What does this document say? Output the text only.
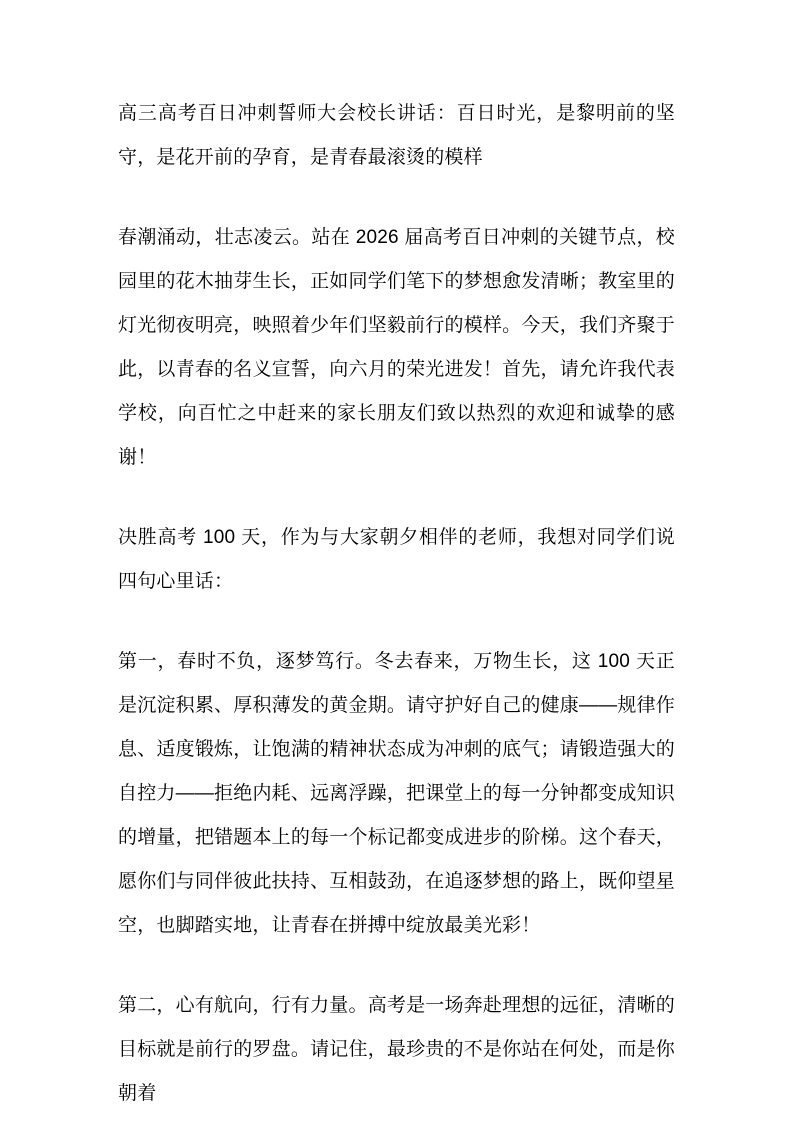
高三高考百日冲刺誓师大会校长讲话：百日时光，是黎明前的坚守，是花开前的孕育，是青春最滚烫的模样

春潮涌动，壮志凌云。站在 2026 届高考百日冲刺的关键节点，校园里的花木抽芽生长，正如同学们笔下的梦想愈发清晰；教室里的灯光彻夜明亮，映照着少年们坚毅前行的模样。今天，我们齐聚于此，以青春的名义宣誓，向六月的荣光进发！首先，请允许我代表学校，向百忙之中赶来的家长朋友们致以热烈的欢迎和诚挚的感谢！

决胜高考 100 天，作为与大家朝夕相伴的老师，我想对同学们说四句心里话：

第一，春时不负，逐梦笃行。冬去春来，万物生长，这 100 天正是沉淀积累、厚积薄发的黄金期。请守护好自己的健康——规律作息、适度锻炼，让饱满的精神状态成为冲刺的底气；请锻造强大的自控力——拒绝内耗、远离浮躁，把课堂上的每一分钟都变成知识的增量，把错题本上的每一个标记都变成进步的阶梯。这个春天，愿你们与同伴彼此扶持、互相鼓劲，在追逐梦想的路上，既仰望星空，也脚踏实地，让青春在拼搏中绽放最美光彩！

第二，心有航向，行有力量。高考是一场奔赴理想的远征，清晰的目标就是前行的罗盘。请记住，最珍贵的不是你站在何处，而是你朝着
